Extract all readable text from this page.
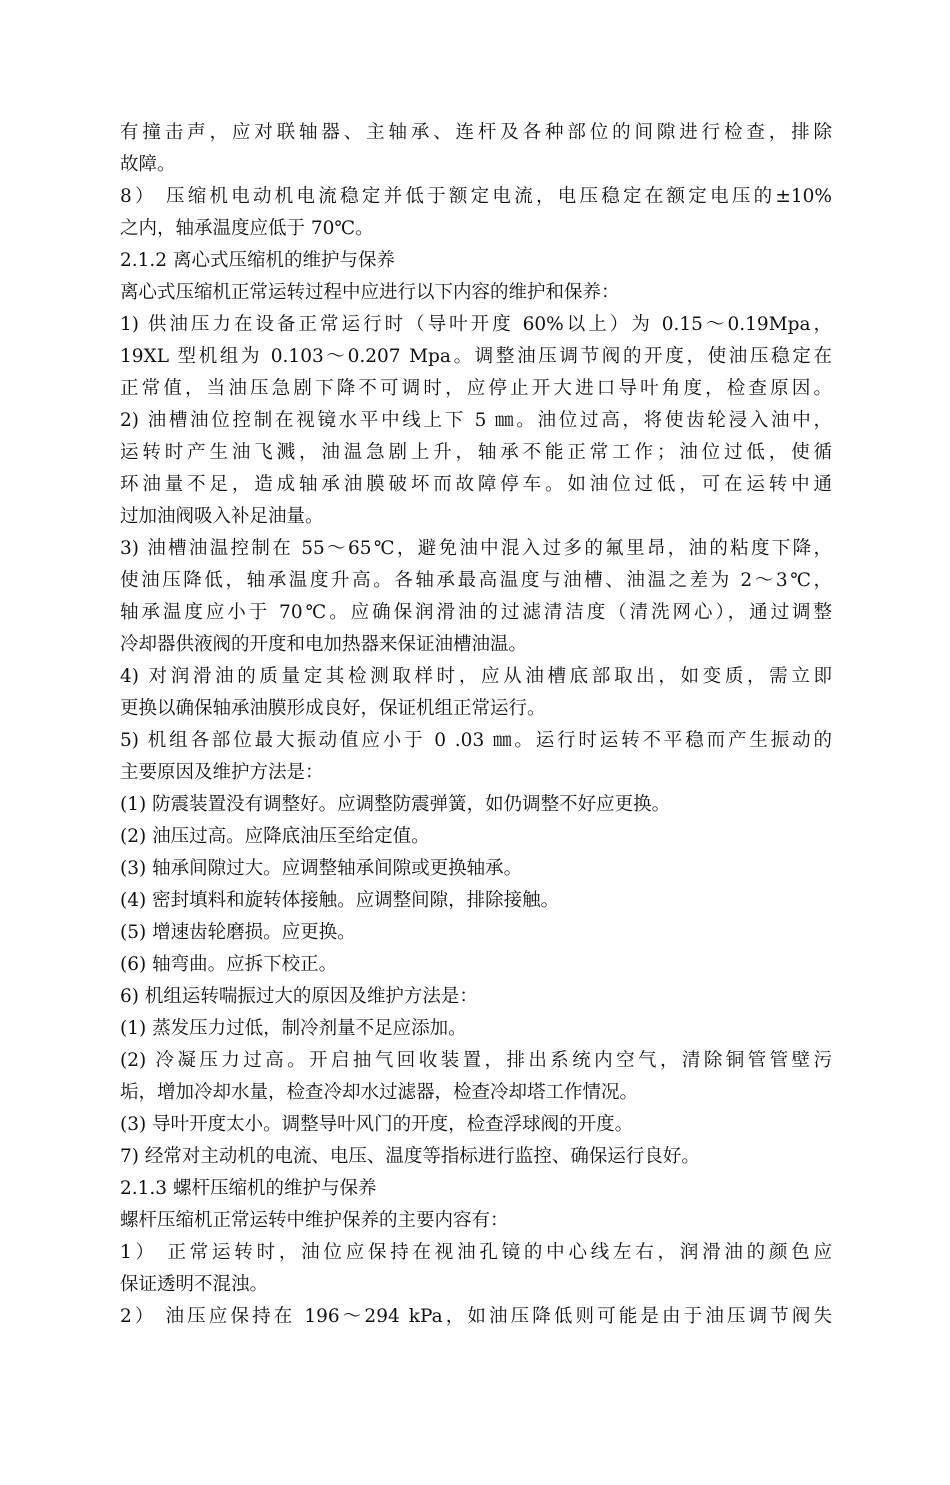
有撞击声，应对联轴器、主轴承、连杆及各种部位的间隙进行检查，排除
故障。
8） 压缩机电动机电流稳定并低于额定电流，电压稳定在额定电压的±10%
之内，轴承温度应低于 70℃。
2.1.2 离心式压缩机的维护与保养
离心式压缩机正常运转过程中应进行以下内容的维护和保养：
1) 供油压力在设备正常运行时（导叶开度 60%以上）为 0.15～0.19Mpa，
19XL 型机组为 0.103～0.207 Mpa。调整油压调节阀的开度，使油压稳定在
正常值，当油压急剧下降不可调时，应停止开大进口导叶角度，检查原因。
2) 油槽油位控制在视镜水平中线上下 5 ㎜。油位过高，将使齿轮浸入油中，
运转时产生油飞溅，油温急剧上升，轴承不能正常工作；油位过低，使循
环油量不足，造成轴承油膜破坏而故障停车。如油位过低，可在运转中通
过加油阀吸入补足油量。
3) 油槽油温控制在 55～65℃，避免油中混入过多的氟里昂，油的粘度下降，
使油压降低，轴承温度升高。各轴承最高温度与油槽、油温之差为 2～3℃，
轴承温度应小于 70℃。应确保润滑油的过滤清洁度（清洗网心），通过调整
冷却器供液阀的开度和电加热器来保证油槽油温。
4) 对润滑油的质量定其检测取样时，应从油槽底部取出，如变质，需立即
更换以确保轴承油膜形成良好，保证机组正常运行。
5) 机组各部位最大振动值应小于 0 .03 ㎜。运行时运转不平稳而产生振动的
主要原因及维护方法是：
(1) 防震装置没有调整好。应调整防震弹簧，如仍调整不好应更换。
(2) 油压过高。应降底油压至给定值。
(3) 轴承间隙过大。应调整轴承间隙或更换轴承。
(4) 密封填料和旋转体接触。应调整间隙，排除接触。
(5) 增速齿轮磨损。应更换。
(6) 轴弯曲。应拆下校正。
6) 机组运转喘振过大的原因及维护方法是：
(1) 蒸发压力过低，制冷剂量不足应添加。
(2) 冷凝压力过高。开启抽气回收装置，排出系统内空气，清除铜管管壁污
垢，增加冷却水量，检查冷却水过滤器，检查冷却塔工作情况。
(3) 导叶开度太小。调整导叶风门的开度，检查浮球阀的开度。
7) 经常对主动机的电流、电压、温度等指标进行监控、确保运行良好。
2.1.3 螺杆压缩机的维护与保养
螺杆压缩机正常运转中维护保养的主要内容有：
1） 正常运转时，油位应保持在视油孔镜的中心线左右，润滑油的颜色应
保证透明不混浊。
2） 油压应保持在 196～294 kPa，如油压降低则可能是由于油压调节阀失
